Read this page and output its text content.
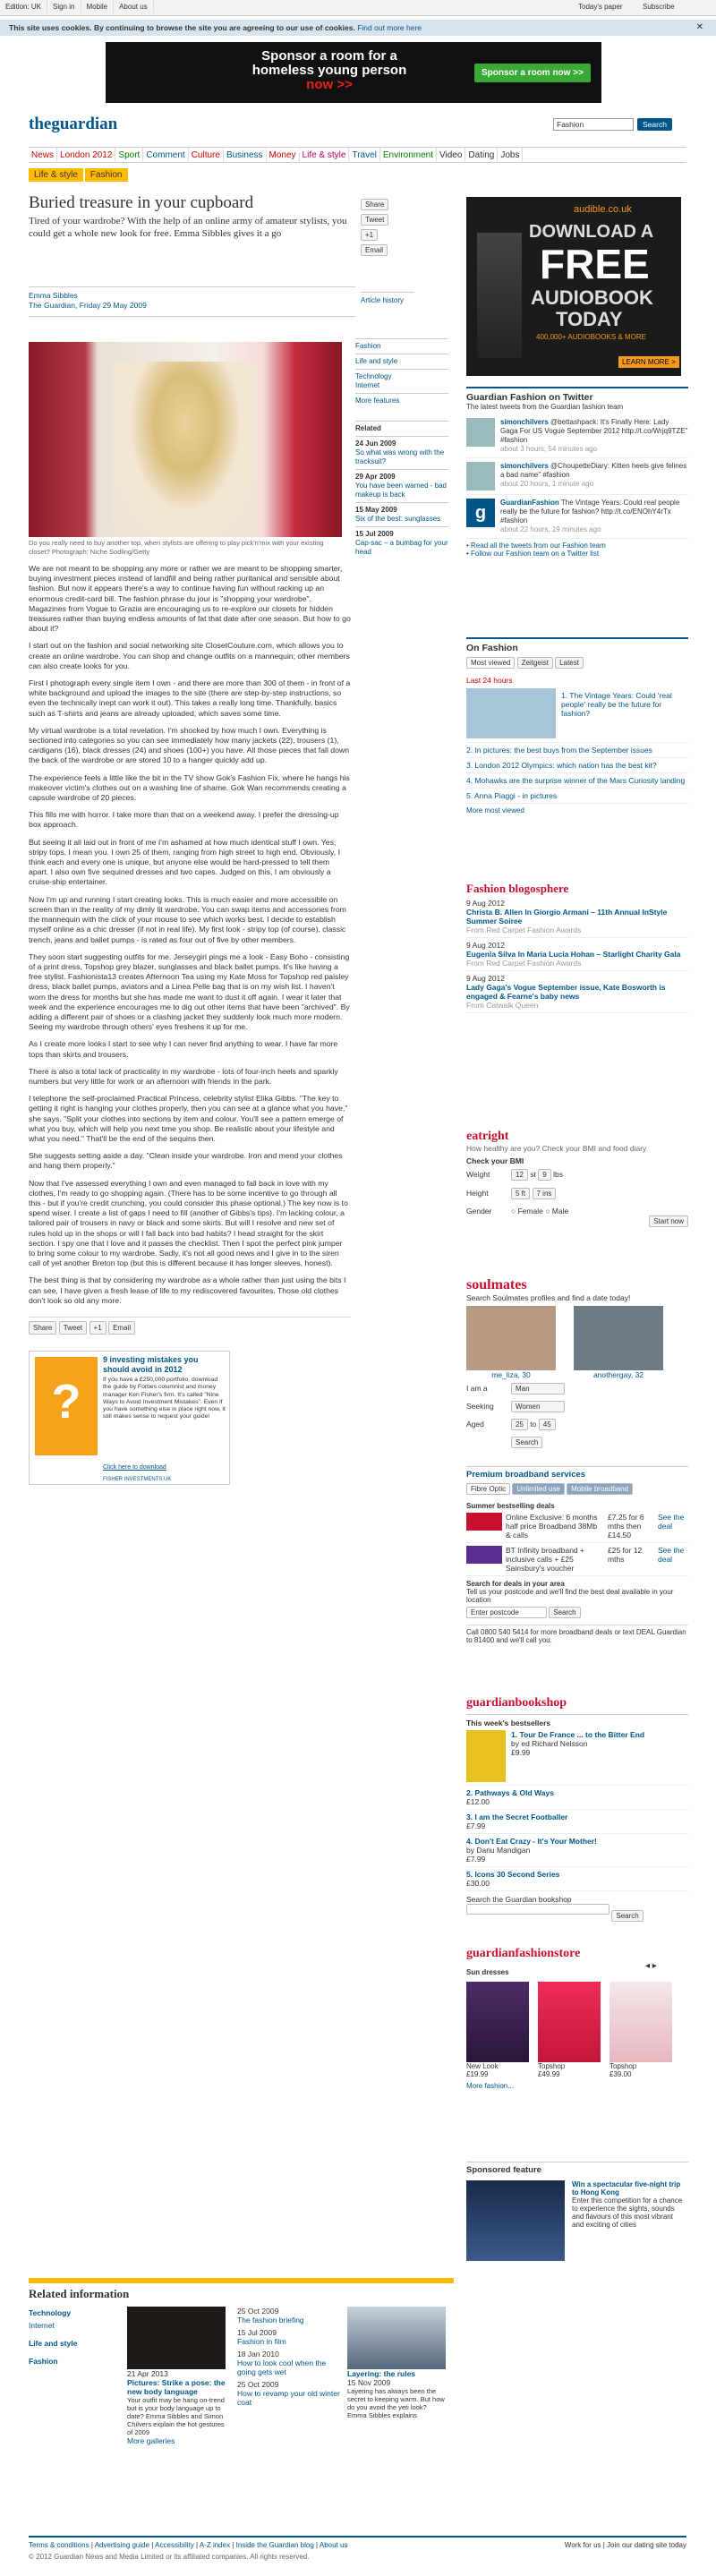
Edition: UK Sign in Mobile About us	Today's paper	Subscribe
This site uses cookies. By continuing to browse the site you are agreeing to our use of cookies. Find out more here	✕
Sponsor a room for a
homeless young person
now >>
Sponsor a room now >>
theguardian	Fashion	Search
News London 2012 Sport Comment Culture Business Money Life & style Travel Environment Video Dating Jobs
Life & style Fashion
Buried treasure in your cupboard
Tired of your wardrobe? With the help of an online army of amateur stylists, you could get a whole new look for free. Emma Sibbles gives it a go
Emma Sibbles
The Guardian, Friday 29 May 2009
Share
Tweet
+1
Email
Article history
Do you really need to buy another top, when stylists are offering to play pick'n'mix with your existing closet? Photograph: Niche Sodling/Getty

We are not meant to be shopping any more or rather we are meant to be shopping smarter, buying investment pieces instead of landfill and being rather puritanical and sensible about fashion. But now it appears there's a way to continue having fun without racking up an enormous credit-card bill. The fashion phrase du jour is "shopping your wardrobe". Magazines from Vogue to Grazia are encouraging us to re-explore our closets for hidden treasures rather than buying endless amounts of fat that date after one season. But how to go about it?

I start out on the fashion and social networking site ClosetCouture.com, which allows you to create an online wardrobe. You can shop and change outfits on a mannequin; other members can also create looks for you.

First I photograph every single item I own - and there are more than 300 of them - in front of a white background and upload the images to the site (there are step-by-step instructions, so even the technically inept can work it out). This takes a really long time. Thankfully, basics such as T-shirts and jeans are already uploaded, which saves some time.

My virtual wardrobe is a total revelation. I'm shocked by how much I own. Everything is sectioned into categories so you can see immediately how many jackets (22), trousers (1), cardigans (16), black dresses (24) and shoes (100+) you have. All those pieces that fall down the back of the wardrobe or are stored 10 to a hanger quickly add up.

The experience feels a little like the bit in the TV show Gok's Fashion Fix, where he hangs his makeover victim's clothes out on a washing line of shame. Gok Wan recommends creating a capsule wardrobe of 20 pieces.

This fills me with horror. I take more than that on a weekend away. I prefer the dressing-up box approach.

But seeing it all laid out in front of me I'm ashamed at how much identical stuff I own. Yes, stripy tops, I mean you. I own 25 of them, ranging from high street to high end. Obviously, I think each and every one is unique, but anyone else would be hard-pressed to tell them apart. I also own five sequined dresses and two capes. Judged on this, I am obviously a cruise-ship entertainer.

Now I'm up and running I start creating looks. This is much easier and more accessible on screen than in the reality of my dimly lit wardrobe. You can swap items and accessories from the mannequin with the click of your mouse to see which works best. I decide to establish myself online as a chic dresser (if not in real life). My first look - stripy top (of course), classic trench, jeans and ballet pumps - is rated as four out of five by other members.

They soon start suggesting outfits for me. Jerseygirl pings me a look - Easy Boho - consisting of a print dress, Topshop grey blazer, sunglasses and black ballet pumps. It's like having a free stylist. Fashionista13 creates Afternoon Tea using my Kate Moss for Topshop red paisley dress, black ballet pumps, aviators and a Linea Pelle bag that is on my wish list. I haven't worn the dress for months but she has made me want to dust it off again. I wear it later that week and the experience encourages me to dig out other items that have been "archived". By adding a different pair of shoes or a clashing jacket they suddenly look much more modern. Seeing my wardrobe through others' eyes freshens it up for me.

As I create more looks I start to see why I can never find anything to wear. I have far more tops than skirts and trousers.

There is also a total lack of practicality in my wardrobe - lots of four-inch heels and sparkly numbers but very little for work or an afternoon with friends in the park.

I telephone the self-proclaimed Practical Princess, celebrity stylist Elika Gibbs. "The key to getting it right is hanging your clothes properly, then you can see at a glance what you have," she says. "Split your clothes into sections by item and colour. You'll see a pattern emerge of what you buy, which will help you next time you shop. Be realistic about your lifestyle and what you need." That'll be the end of the sequins then.

She suggests setting aside a day. "Clean inside your wardrobe. Iron and mend your clothes and hang them properly."

Now that I've assessed everything I own and even managed to fall back in love with my clothes, I'm ready to go shopping again. (There has to be some incentive to go through all this - but if you're credit crunching, you could consider this phase optional.) The key now is to spend wiser. I create a list of gaps I need to fill (another of Gibbs's tips). I'm lacking colour, a tailored pair of trousers in navy or black and some skirts. But will I resolve and new set of rules hold up in the shops or will I fall back into bad habits? I head straight for the skirt section. I spy one that I love and it passes the checklist. Then I spot the perfect pink jumper to bring some colour to my wardrobe. Sadly, it's not all good news and I give in to the siren call of yet another Breton top (but this is different because it has longer sleeves, honest).

The best thing is that by considering my wardrobe as a whole rather than just using the bits I can see, I have given a fresh lease of life to my rediscovered favourites. Those old clothes don't look so old any more.

Share Tweet +1 Email
?
9 investing mistakes you should avoid in 2012
If you have a £250,000 portfolio, download the guide by Forbes columnist and money manager Ken Fisher's firm. It's called "Nine Ways to Avoid Investment Mistakes". Even if you have something else in place right now, it still makes sense to request your guide!
Click here to download
FISHER INVESTMENTS UK
Fashion
Life and style
Technology
Internet
More features
Related
24 Jun 2009
So what was wrong with the tracksuit?
29 Apr 2009
You have been warned - bad makeup is back
15 May 2009
Six of the best: sunglasses
15 Jul 2009
Cap-sac – a bumbag for your head
audible.co.uk
DOWNLOAD A
FREE
AUDIOBOOK
TODAY
400,000+ AUDIOBOOKS & MORE
LEARN MORE >
Guardian Fashion on Twitter
The latest tweets from the Guardian fashion team
simonchilvers @bettashpack: It's Finally Here: Lady Gaga For US Vogue September 2012 http://t.co/Wrjq9TZE" #fashion
about 3 hours, 54 minutes ago
simonchilvers @ChoupetteDiary: Kitten heels give felines a bad name" #fashion
about 20 hours, 1 minute ago
g
GuardianFashion The Vintage Years: Could real people really be the future for fashion? http://t.co/ENOhY4rTx #fashion
about 22 hours, 19 minutes ago
• Read all the tweets from our Fashion team
• Follow our Fashion team on a Twitter list
On Fashion
Most viewed Zeitgeist Latest
Last 24 hours
1. The Vintage Years: Could 'real people' really be the future for fashion?
2. In pictures: the best buys from the September issues
3. London 2012 Olympics: which nation has the best kit?
4. Mohawks are the surprise winner of the Mars Curiosity landing
5. Anna Piaggi - in pictures
More most viewed
Fashion blogosphere
9 Aug 2012
Christa B. Allen In Giorgio Armani – 11th Annual InStyle Summer Soiree
From Red Carpet Fashion Awards
9 Aug 2012
Eugenia Silva In Maria Lucia Hohan – Starlight Charity Gala
From Red Carpet Fashion Awards
9 Aug 2012
Lady Gaga's Vogue September issue, Kate Bosworth is engaged & Fearne's baby news
From Catwalk Queen
eatright
How healthy are you? Check your BMI and food diary
Check your BMI
Weight	12 st 9 lbs
Height	5 ft 7 ins
Gender	○ Female ○ Male
Start now
soulmates
Search Soulmates profiles and find a date today!
me_liza, 30	anothergay, 32
I am a	Man
Seeking	Women
Aged	25 to 45
Search
Premium broadband services
Fibre Optic Unlimited use Mobile broadband
Summer bestselling deals
Online Exclusive: 6 months half price Broadband 38Mb & calls
£7.25 for 6 mths then £14.50
See the deal
BT Infinity broadband + inclusive calls + £25 Sainsbury's voucher
£25 for 12 mths
See the deal
Search for deals in your area
Tell us your postcode and we'll find the best deal available in your location
Enter postcode	Search
Call 0800 540 5414 for more broadband deals or text DEAL Guardian to 81400 and we'll call you.
guardianbookshop
This week's bestsellers
1. Tour De France ... to the Bitter End
by ed Richard Nelsson
£9.99
2. Pathways & Old Ways
£12.00
3. I am the Secret Footballer
£7.99
4. Don't Eat Crazy - It's Your Mother!
by Danu Mandigan
£7.99
5. Icons 30 Second Series
£30.00
Search the Guardian bookshop
Search
guardianfashionstore
Sun dresses
◂ ▸
New Look
£19.99
Topshop
£49.99
Topshop
£39.00
More fashion...
Sponsored feature
Win a spectacular five-night trip to Hong Kong
Enter this competition for a chance to experience the sights, sounds and flavours of this most vibrant and exciting of cities
Related information
Technology
Internet
Life and style
Fashion
21 Apr 2013
Pictures: Strike a pose: the new body language
Your outfit may be hang on-trend but is your body language up to date? Emma Sibbles and Simon Chilvers explain the hot gestures of 2009
More galleries
25 Oct 2009
The fashion briefing
15 Jul 2009
Fashion in film
18 Jan 2010
How to look cool when the going gets wet
25 Oct 2009
How to revamp your old winter coat
Layering: the rules
15 Nov 2009
Layering has always been the secret to keeping warm. But how do you avoid the yeti look? Emma Sibbles explains
Terms & conditions | Advertising guide | Accessibility | A-Z index | Inside the Guardian blog | About us	Work for us | Join our dating site today
© 2012 Guardian News and Media Limited or its affiliated companies. All rights reserved.
